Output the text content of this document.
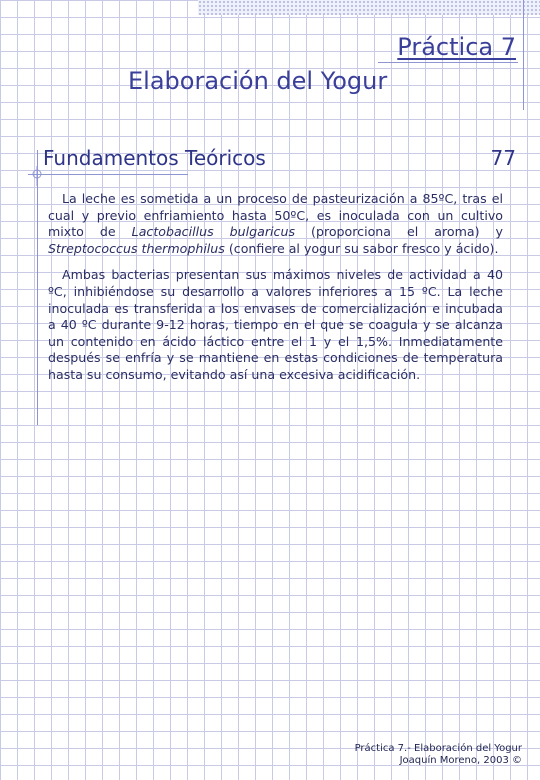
Práctica 7
Elaboración del Yogur
Fundamentos Teóricos	77

La leche es sometida a un proceso de pasteurización a 85ºC, tras el cual y previo enfriamiento hasta 50ºC, es inoculada con un cultivo mixto de Lactobacillus bulgaricus (proporciona el aroma) y Streptococcus thermophilus (confiere al yogur su sabor fresco y ácido).

Ambas bacterias presentan sus máximos niveles de actividad a 40 ºC, inhibiéndose su desarrollo a valores inferiores a 15 ºC. La leche inoculada es transferida a los envases de comercialización e incubada a 40 ºC durante 9-12 horas, tiempo en el que se coagula y se alcanza un contenido en ácido láctico entre el 1 y el 1,5%. Inmediatamente después se enfría y se mantiene en estas condiciones de temperatura hasta su consumo, evitando así una excesiva acidificación.

Práctica 7.- Elaboración del Yogur
Joaquín Moreno, 2003 ©
